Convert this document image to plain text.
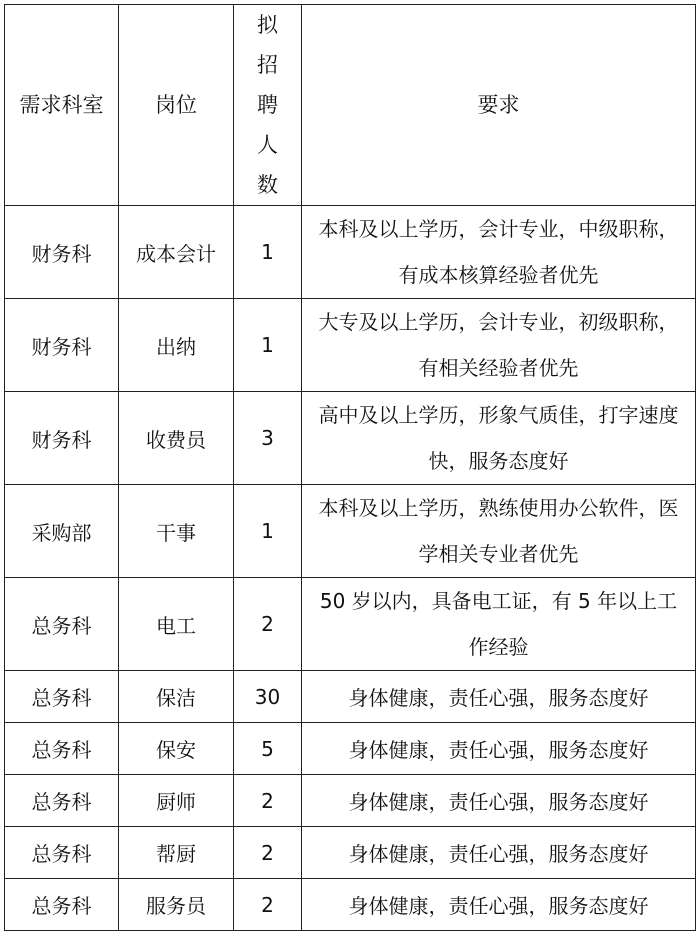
需求科室	岗位	拟招聘人数	要求
财务科	成本会计	1	本科及以上学历，会计专业，中级职称，有成本核算经验者优先
财务科	出纳	1	大专及以上学历，会计专业，初级职称，有相关经验者优先
财务科	收费员	3	高中及以上学历，形象气质佳，打字速度快，服务态度好
采购部	干事	1	本科及以上学历，熟练使用办公软件，医学相关专业者优先
总务科	电工	2	50 岁以内，具备电工证，有 5 年以上工作经验
总务科	保洁	30	身体健康，责任心强，服务态度好
总务科	保安	5	身体健康，责任心强，服务态度好
总务科	厨师	2	身体健康，责任心强，服务态度好
总务科	帮厨	2	身体健康，责任心强，服务态度好
总务科	服务员	2	身体健康，责任心强，服务态度好
